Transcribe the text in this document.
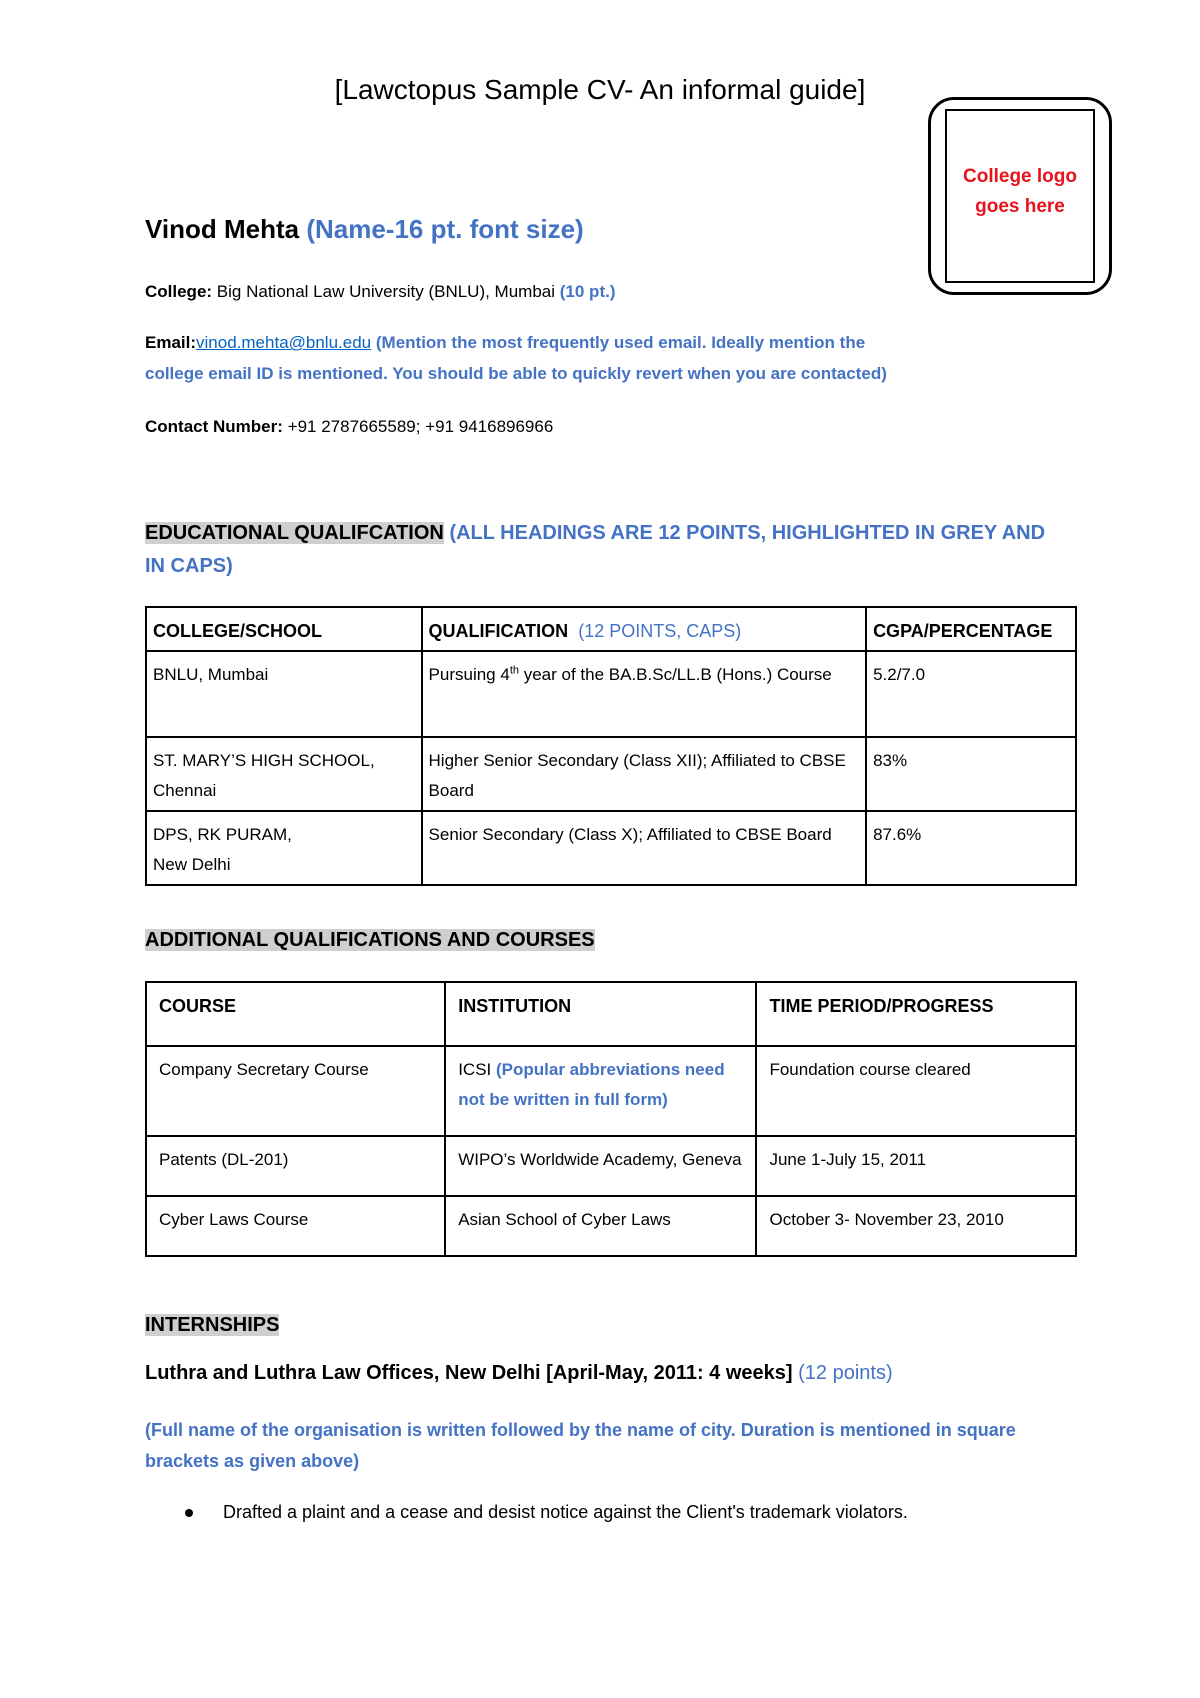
[Lawctopus Sample CV- An informal guide]
College logo
goes here
Vinod Mehta (Name-16 pt. font size)
College: Big National Law University (BNLU), Mumbai (10 pt.)
Email:vinod.mehta@bnlu.edu (Mention the most frequently used email. Ideally mention the
college email ID is mentioned. You should be able to quickly revert when you are contacted)
Contact Number: +91 2787665589; +91 9416896966
EDUCATIONAL QUALIFCATION (ALL HEADINGS ARE 12 POINTS, HIGHLIGHTED IN GREY AND
IN CAPS)
COLLEGE/SCHOOL	QUALIFICATION (12 POINTS, CAPS)	CGPA/PERCENTAGE
BNLU, Mumbai	Pursuing 4th year of the BA.B.Sc/LL.B (Hons.) Course	5.2/7.0
ST. MARY’S HIGH SCHOOL, Chennai	Higher Senior Secondary (Class XII); Affiliated to CBSE Board	83%

DPS, RK PURAM,
New Delhi	Senior Secondary (Class X); Affiliated to CBSE Board	87.6%
ADDITIONAL QUALIFICATIONS AND COURSES
COURSE	INSTITUTION	TIME PERIOD/PROGRESS
Company Secretary Course	ICSI (Popular abbreviations need not be written in full form)	Foundation course cleared
Patents (DL-201)	WIPO’s Worldwide Academy, Geneva	June 1-July 15, 2011
Cyber Laws Course	Asian School of Cyber Laws	October 3- November 23, 2010
INTERNSHIPS
Luthra and Luthra Law Offices, New Delhi [April-May, 2011: 4 weeks] (12 points)
(Full name of the organisation is written followed by the name of city. Duration is mentioned in square brackets as given above)
Drafted a plaint and a cease and desist notice against the Client's trademark violators.
